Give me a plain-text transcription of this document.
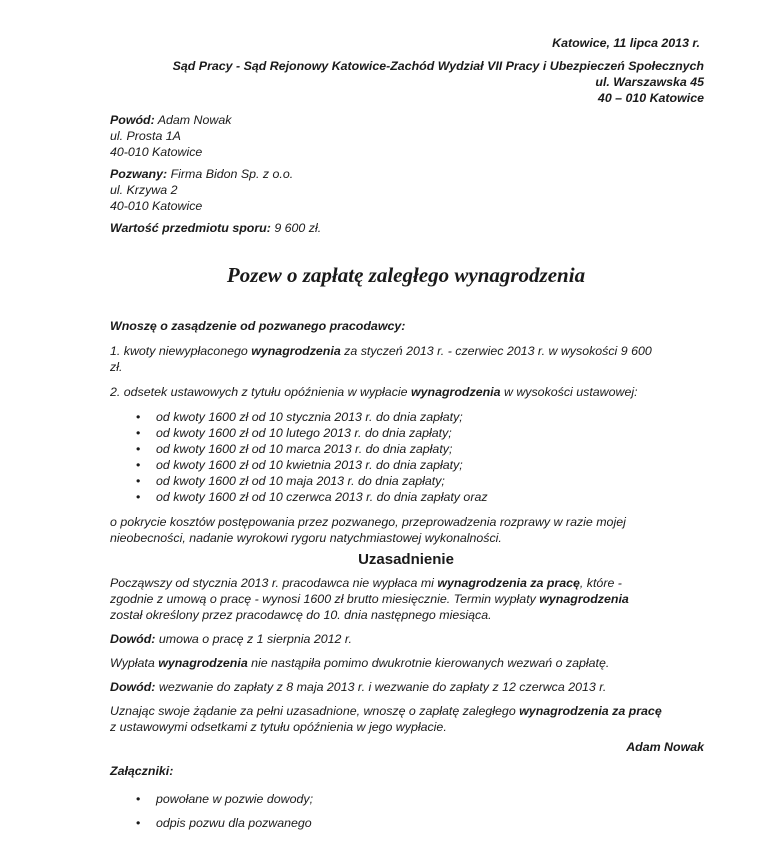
Katowice, 11 lipca 2013 r.

Sąd Pracy - Sąd Rejonowy Katowice-Zachód Wydział VII Pracy i Ubezpieczeń Społecznych

ul. Warszawska 45

40 – 010 Katowice

Powód: Adam Nowak

ul. Prosta 1A

40-010 Katowice

Pozwany: Firma Bidon Sp. z o.o.

ul. Krzywa 2

40-010 Katowice

Wartość przedmiotu sporu: 9 600 zł.

Pozew o zapłatę zaległego wynagrodzenia

Wnoszę o zasądzenie od pozwanego pracodawcy:

1. kwoty niewypłaconego wynagrodzenia za styczeń 2013 r. - czerwiec 2013 r. w wysokości 9 600
zł.

2. odsetek ustawowych z tytułu opóźnienia w wypłacie wynagrodzenia w wysokości ustawowej:

• od kwoty 1600 zł od 10 stycznia 2013 r. do dnia zapłaty;
• od kwoty 1600 zł od 10 lutego 2013 r. do dnia zapłaty;
• od kwoty 1600 zł od 10 marca 2013 r. do dnia zapłaty;
• od kwoty 1600 zł od 10 kwietnia 2013 r. do dnia zapłaty;
• od kwoty 1600 zł od 10 maja 2013 r. do dnia zapłaty;
• od kwoty 1600 zł od 10 czerwca 2013 r. do dnia zapłaty oraz

o pokrycie kosztów postępowania przez pozwanego, przeprowadzenia rozprawy w razie mojej
nieobecności, nadanie wyrokowi rygoru natychmiastowej wykonalności.

Uzasadnienie

Począwszy od stycznia 2013 r. pracodawca nie wypłaca mi wynagrodzenia za pracę, które -
zgodnie z umową o pracę - wynosi 1600 zł brutto miesięcznie. Termin wypłaty wynagrodzenia
został określony przez pracodawcę do 10. dnia następnego miesiąca.

Dowód: umowa o pracę z 1 sierpnia 2012 r.

Wypłata wynagrodzenia nie nastąpiła pomimo dwukrotnie kierowanych wezwań o zapłatę.

Dowód: wezwanie do zapłaty z 8 maja 2013 r. i wezwanie do zapłaty z 12 czerwca 2013 r.

Uznając swoje żądanie za pełni uzasadnione, wnoszę o zapłatę zaległego wynagrodzenia za pracę
z ustawowymi odsetkami z tytułu opóźnienia w jego wypłacie.

Adam Nowak

Załączniki:

• powołane w pozwie dowody;
• odpis pozwu dla pozwanego
